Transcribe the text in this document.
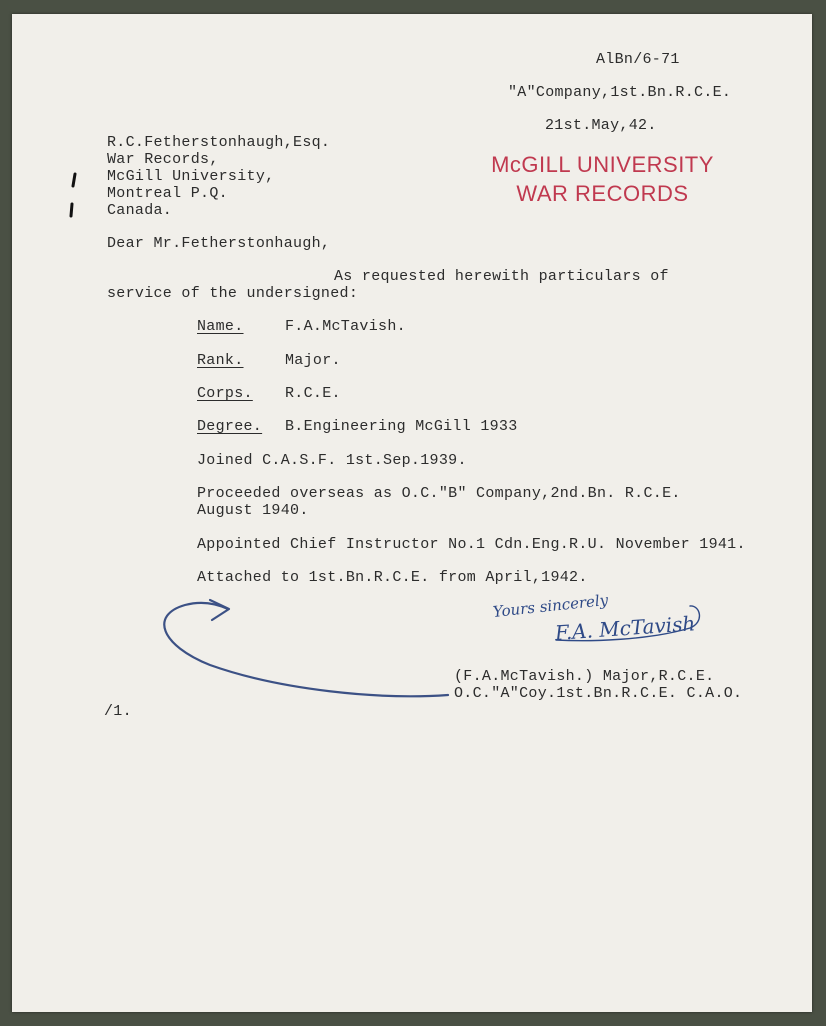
AlBn/6-71
"A"Company,1st.Bn.R.C.E.
21st.May,42.
R.C.Fetherstonhaugh,Esq.
War Records,
McGill University,
Montreal P.Q.
Canada.
McGILL UNIVERSITY
WAR RECORDS
Dear Mr.Fetherstonhaugh,
As requested herewith particulars of
service of the undersigned:
Name.	F.A.McTavish.
Rank.	Major.
Corps. R.C.E.
Degree. B.Engineering McGill 1933
Joined C.A.S.F. 1st.Sep.1939.
Proceeded overseas as O.C."B" Company,2nd.Bn. R.C.E.
August 1940.
Appointed Chief Instructor No.1 Cdn.Eng.R.U. November 1941.
Attached to 1st.Bn.R.C.E. from April,1942.
Yours sincerely
F.A. McTavish
(F.A.McTavish.) Major,R.C.E.
O.C."A"Coy.1st.Bn.R.C.E. C.A.O.
/1.
